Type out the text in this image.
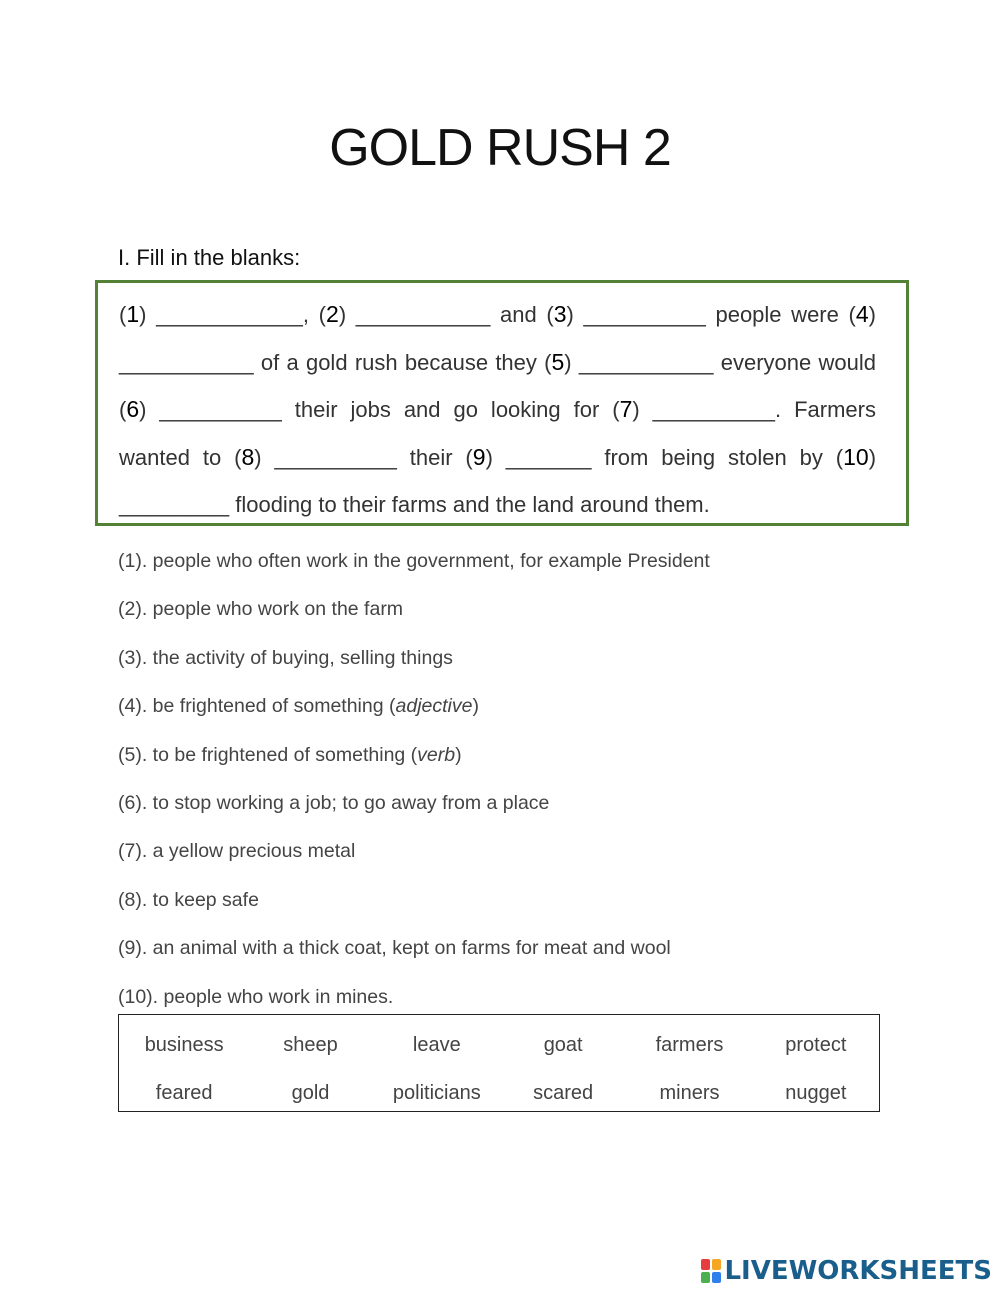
GOLD RUSH 2
I. Fill in the blanks:
(1) ____________, (2) ___________ and (3) __________ people were (4) ___________ of a gold rush because they (5) ___________ everyone would (6) __________ their jobs and go looking for (7) __________. Farmers wanted to (8) __________ their (9) _______ from being stolen by (10) _________ flooding to their farms and the land around them.
(1). people who often work in the government, for example President
(2). people who work on the farm
(3). the activity of buying, selling things
(4). be frightened of something (adjective)
(5). to be frightened of something (verb)
(6). to stop working a job; to go away from a place
(7). a yellow precious metal
(8). to keep safe
(9). an animal with a thick coat, kept on farms for meat and wool
(10). people who work in mines.
business	sheep	leave	goat	farmers	protect
feared	gold	politicians	scared	miners	nugget
LIVEWORKSHEETS
